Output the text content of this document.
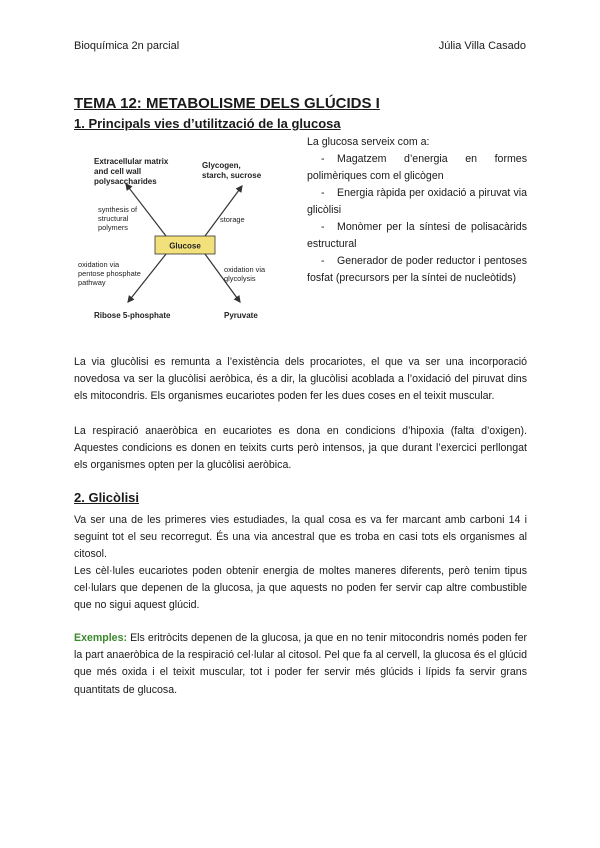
Bioquímica 2n parcial	Júlia Villa Casado
TEMA 12: METABOLISME DELS GLÚCIDS I
1. Principals vies d’utilització de la glucosa
Glucose
Extracellular matrix
and cell wall
polysaccharides
Glycogen,
starch, sucrose
synthesis of
structural
polymers
storage
oxidation via
pentose phosphate
pathway
oxidation via
glycolysis
Ribose 5-phosphate	Pyruvate

La glucosa serveix com a:

- Magatzem d’energia en formes polimèriques com el glicògen
- Energia ràpida per oxidació a piruvat via glicòlisi
- Monòmer per la síntesi de polisacàrids estructural
- Generador de poder reductor i pentoses fosfat (precursors per la síntei de nucleòtids)

La via glucòlisi es remunta a l’existència dels procariotes, el que va ser una incorporació novedosa va ser la glucòlisi aeròbica, és a dir, la glucòlisi acoblada a l’oxidació del piruvat dins els mitocondris. Els organismes eucariotes poden fer les dues coses en el teixit muscular.

La respiració anaeròbica en eucariotes es dona en condicions d’hipoxia (falta d’oxigen). Aquestes condicions es donen en teixits curts però intensos, ja que durant l’exercici perllongat els organismes opten per la glucòlisi aeròbica.

2. Glicòlisi

Va ser una de les primeres vies estudiades, la qual cosa es va fer marcant amb carboni 14 i seguint tot el seu recorregut. És una via ancestral que es troba en casi tots els organismes al citosol.

Les cèl·lules eucariotes poden obtenir energia de moltes maneres diferents, però tenim tipus cel·lulars que depenen de la glucosa, ja que aquests no poden fer servir cap altre combustible que no sigui aquest glúcid.

Exemples: Els eritròcits depenen de la glucosa, ja que en no tenir mitocondris només poden fer la part anaeròbica de la respiració cel·lular al citosol. Pel que fa al cervell, la glucosa és el glúcid que més oxida i el teixit muscular, tot i poder fer servir més glúcids i lípids fa servir grans quantitats de glucosa.
